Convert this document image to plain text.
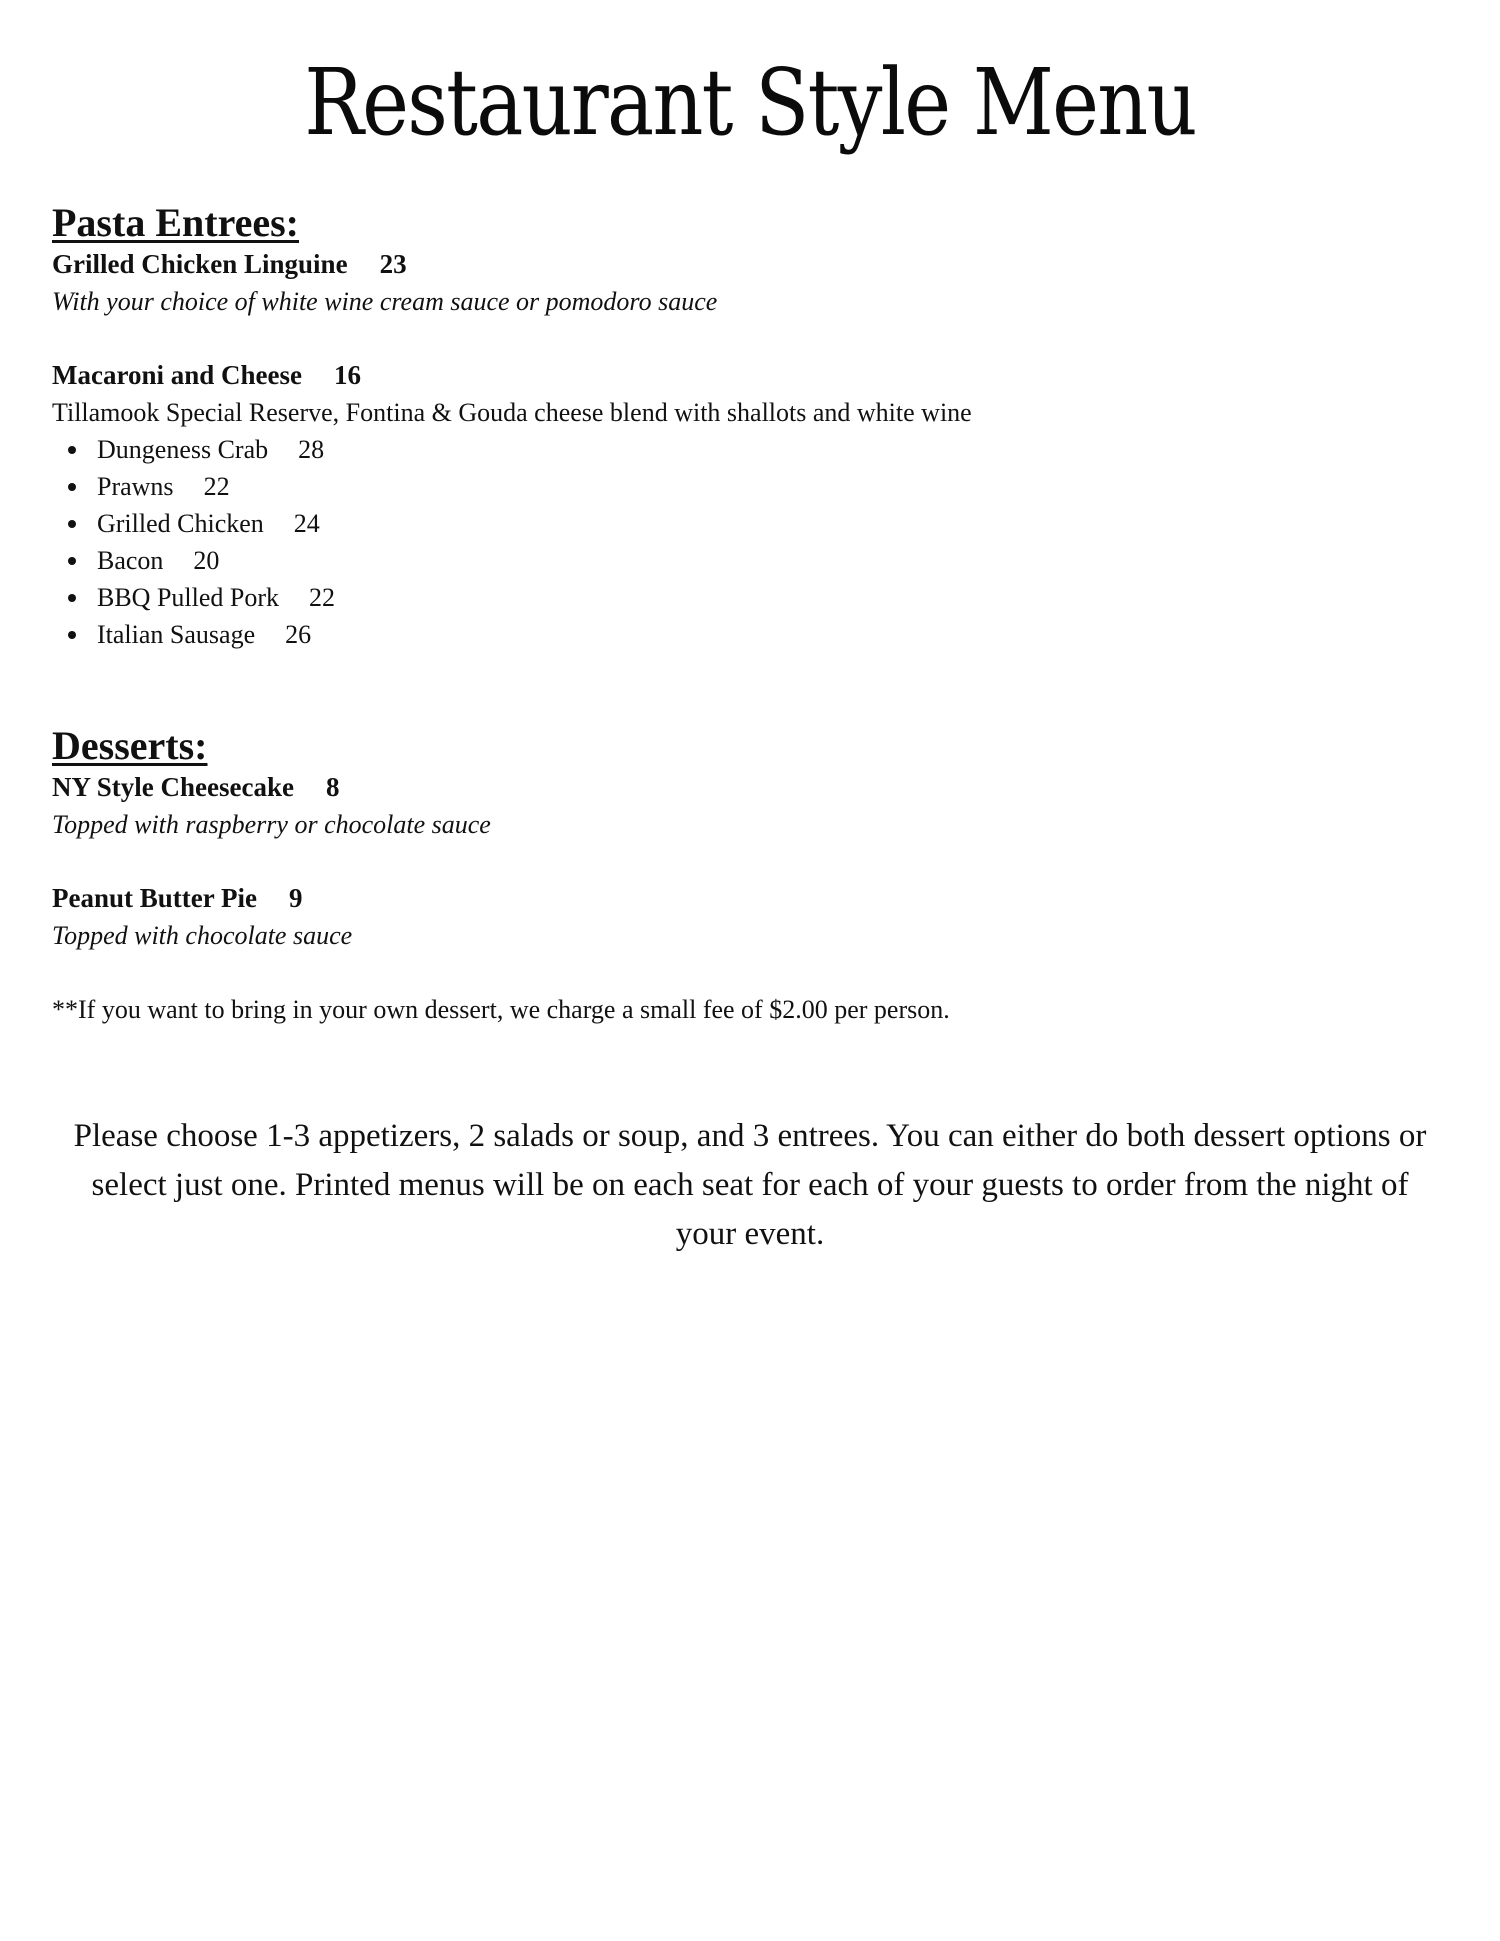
Restaurant Style Menu
Pasta Entrees:

Grilled Chicken Linguine 23

With your choice of white wine cream sauce or pomodoro sauce

Macaroni and Cheese 16

Tillamook Special Reserve, Fontina & Gouda cheese blend with shallots and white wine

Dungeness Crab 28
Prawns 22
Grilled Chicken 24
Bacon 20
BBQ Pulled Pork 22
Italian Sausage 26
Desserts:

NY Style Cheesecake 8

Topped with raspberry or chocolate sauce

Peanut Butter Pie 9

Topped with chocolate sauce

**If you want to bring in your own dessert, we charge a small fee of $2.00 per person.

Please choose 1-3 appetizers, 2 salads or soup, and 3 entrees. You can either do both dessert options or select just one. Printed menus will be on each seat for each of your guests to order from the night of your event.
